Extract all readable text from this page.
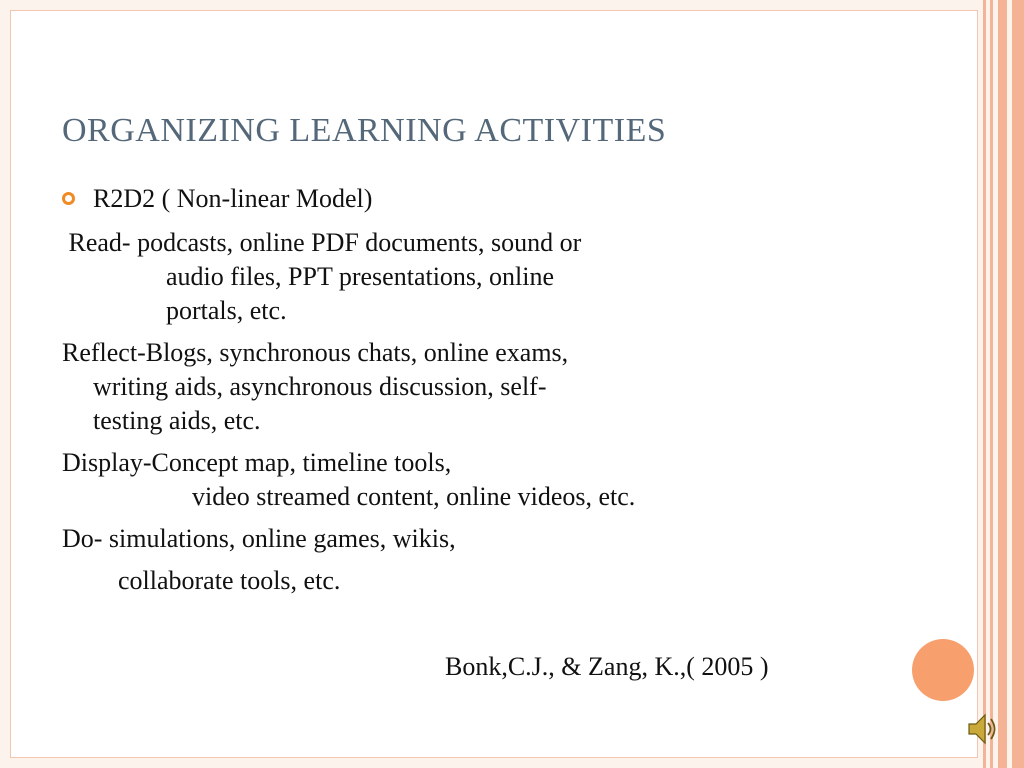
ORGANIZING LEARNING ACTIVITIES
R2D2 ( Non-linear Model)
Read- podcasts, online PDF documents, sound or
audio files, PPT presentations, online
portals, etc.
Reflect-Blogs, synchronous chats, online exams,
writing aids, asynchronous discussion, self-
testing aids, etc.
Display-Concept map, timeline tools,
video streamed content, online videos, etc.
Do- simulations, online games, wikis,
collaborate tools, etc.
Bonk,C.J., & Zang, K.,( 2005 )
